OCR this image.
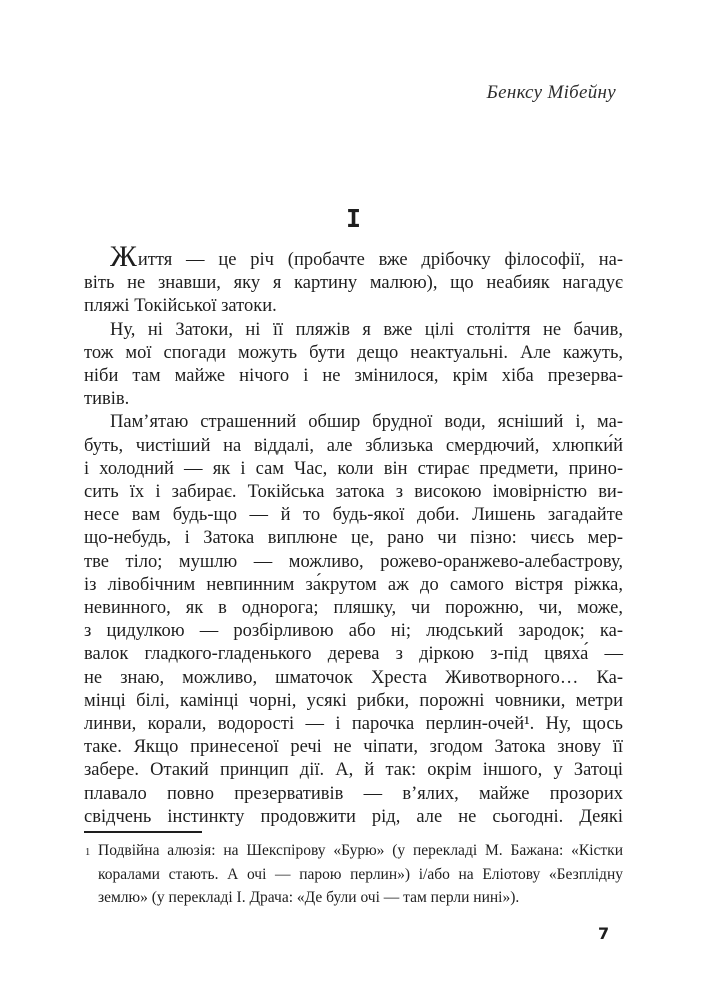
Бенксу Мібейну
I
Життя — це річ (пробачте вже дрібочку філософії, на-
віть не знавши, яку я картину малюю), що неабияк нагадує
пляжі Токійської затоки.
Ну, ні Затоки, ні її пляжів я вже цілі століття не бачив,
тож мої спогади можуть бути дещо неактуальні. Але кажуть,
ніби там майже нічого і не змінилося, крім хіба презерва-
тивів.
Пам’ятаю страшенний обшир брудної води, ясніший і, ма-
буть, чистіший на віддалі, але зблизька смердючий, хлюпки́й
і холодний — як і сам Час, коли він стирає предмети, прино-
сить їх і забирає. Токійська затока з високою імовірністю ви-
несе вам будь-що — й то будь-якої доби. Лишень загадайте
що-небудь, і Затока виплюне це, рано чи пізно: чиєсь мер-
тве тіло; мушлю — можливо, рожево-оранжево-алебастрову,
із лівобічним невпинним за́крутом аж до самого вістря ріжка,
невинного, як в однорога; пляшку, чи порожню, чи, може,
з цидулкою — розбірливою або ні; людський зародок; ка-
валок гладкого-гладенького дерева з діркою з-під цвяха́ —
не знаю, можливо, шматочок Хреста Животворного… Ка-
мінці білі, камінці чорні, усякі рибки, порожні човники, метри
линви, корали, водорості — і парочка перлин-очей¹. Ну, щось
таке. Якщо принесеної речі не чіпати, згодом Затока знову її
забере. Отакий принцип дії. А, й так: окрім іншого, у Затоці
плавало повно презервативів — в’ялих, майже прозорих
свідчень інстинкту продовжити рід, але не сьогодні. Деякі
1 Подвійна алюзія: на Шекспірову «Бурю» (у перекладі М. Бажана: «Кістки
коралами стають. А очі — парою перлин») і/або на Еліотову «Безплідну
землю» (у перекладі І. Драча: «Де були очі — там перли нині»).
7
